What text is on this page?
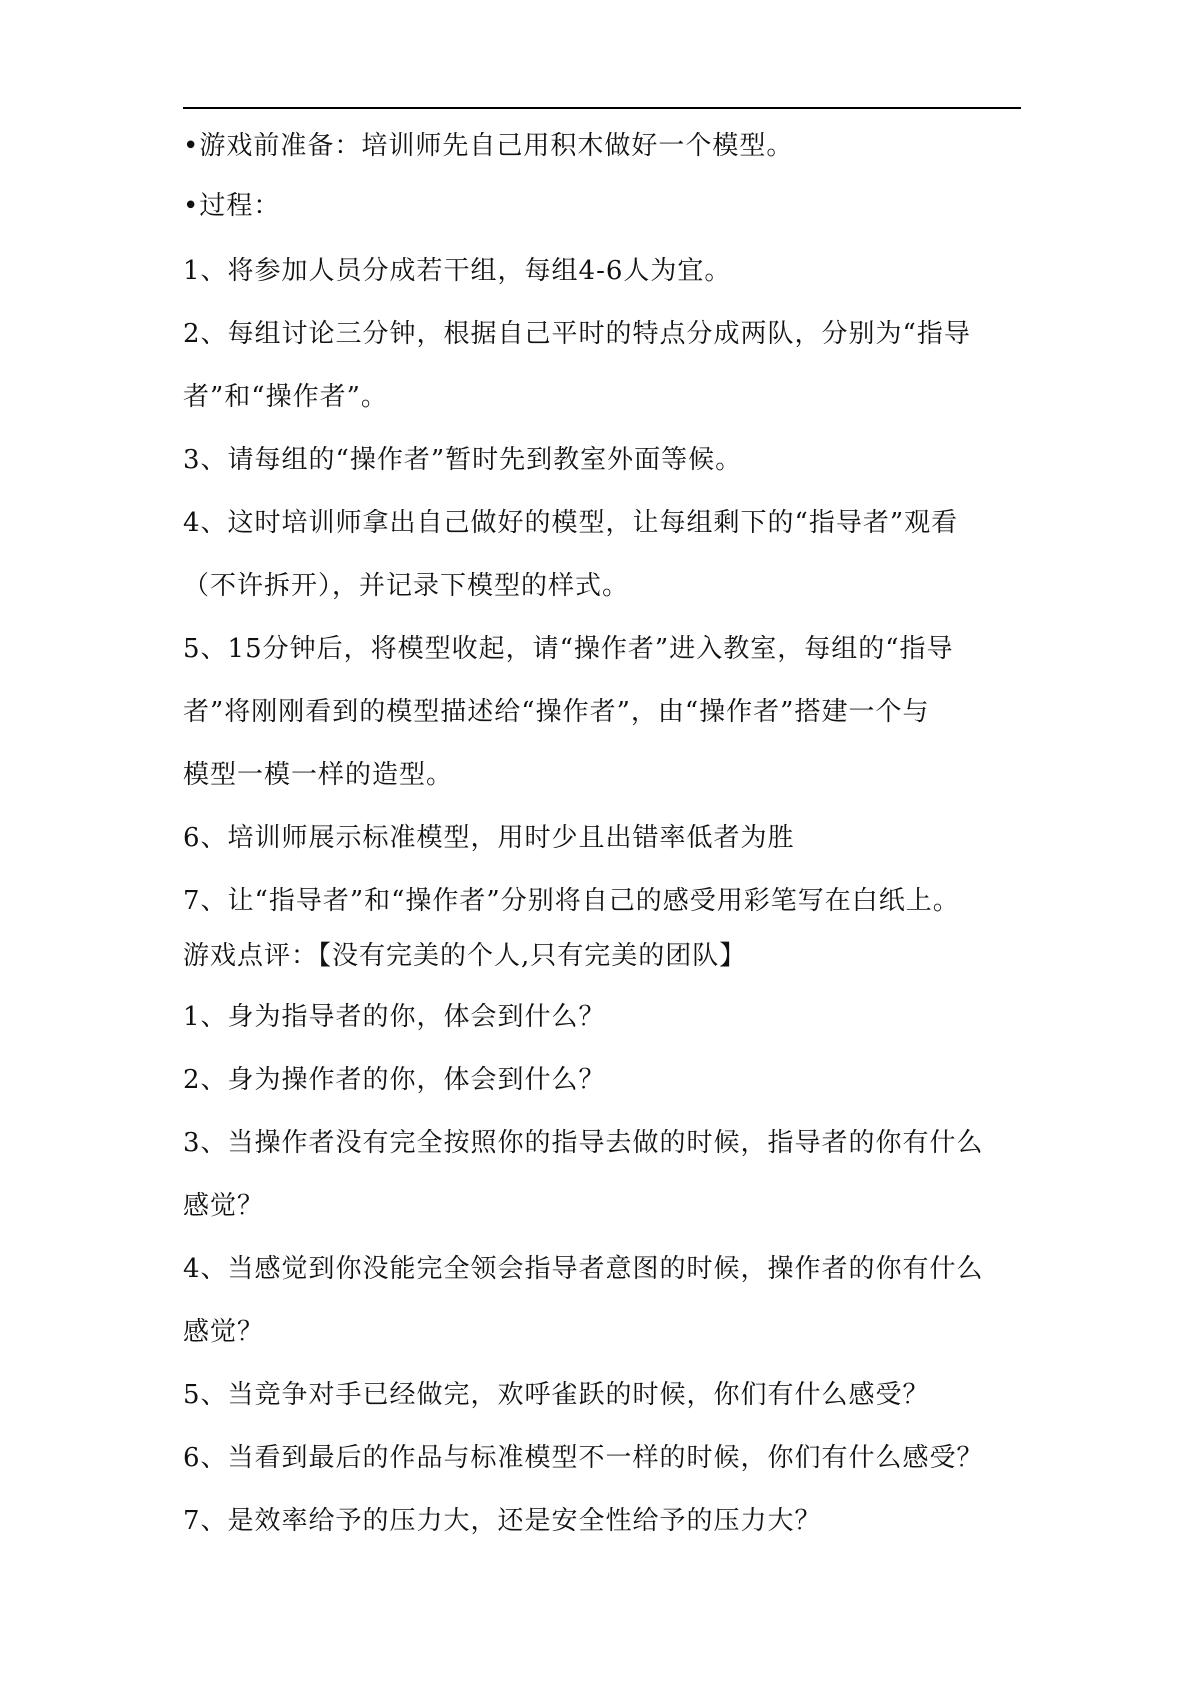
•游戏前准备：培训师先自己用积木做好一个模型。
•过程：
1、将参加人员分成若干组，每组4-6人为宜。
2、每组讨论三分钟，根据自己平时的特点分成两队，分别为“指导
者”和“操作者”。
3、请每组的“操作者”暂时先到教室外面等候。
4、这时培训师拿出自己做好的模型，让每组剩下的“指导者”观看
（不许拆开），并记录下模型的样式。
5、15分钟后，将模型收起，请“操作者”进入教室，每组的“指导
者”将刚刚看到的模型描述给“操作者”，由“操作者”搭建一个与
模型一模一样的造型。
6、培训师展示标准模型，用时少且出错率低者为胜
7、让“指导者”和“操作者”分别将自己的感受用彩笔写在白纸上。
游戏点评：【没有完美的个人,只有完美的团队】
1、身为指导者的你，体会到什么？
2、身为操作者的你，体会到什么？
3、当操作者没有完全按照你的指导去做的时候，指导者的你有什么
感觉？
4、当感觉到你没能完全领会指导者意图的时候，操作者的你有什么
感觉？
5、当竞争对手已经做完，欢呼雀跃的时候，你们有什么感受？
6、当看到最后的作品与标准模型不一样的时候，你们有什么感受？
7、是效率给予的压力大，还是安全性给予的压力大？
